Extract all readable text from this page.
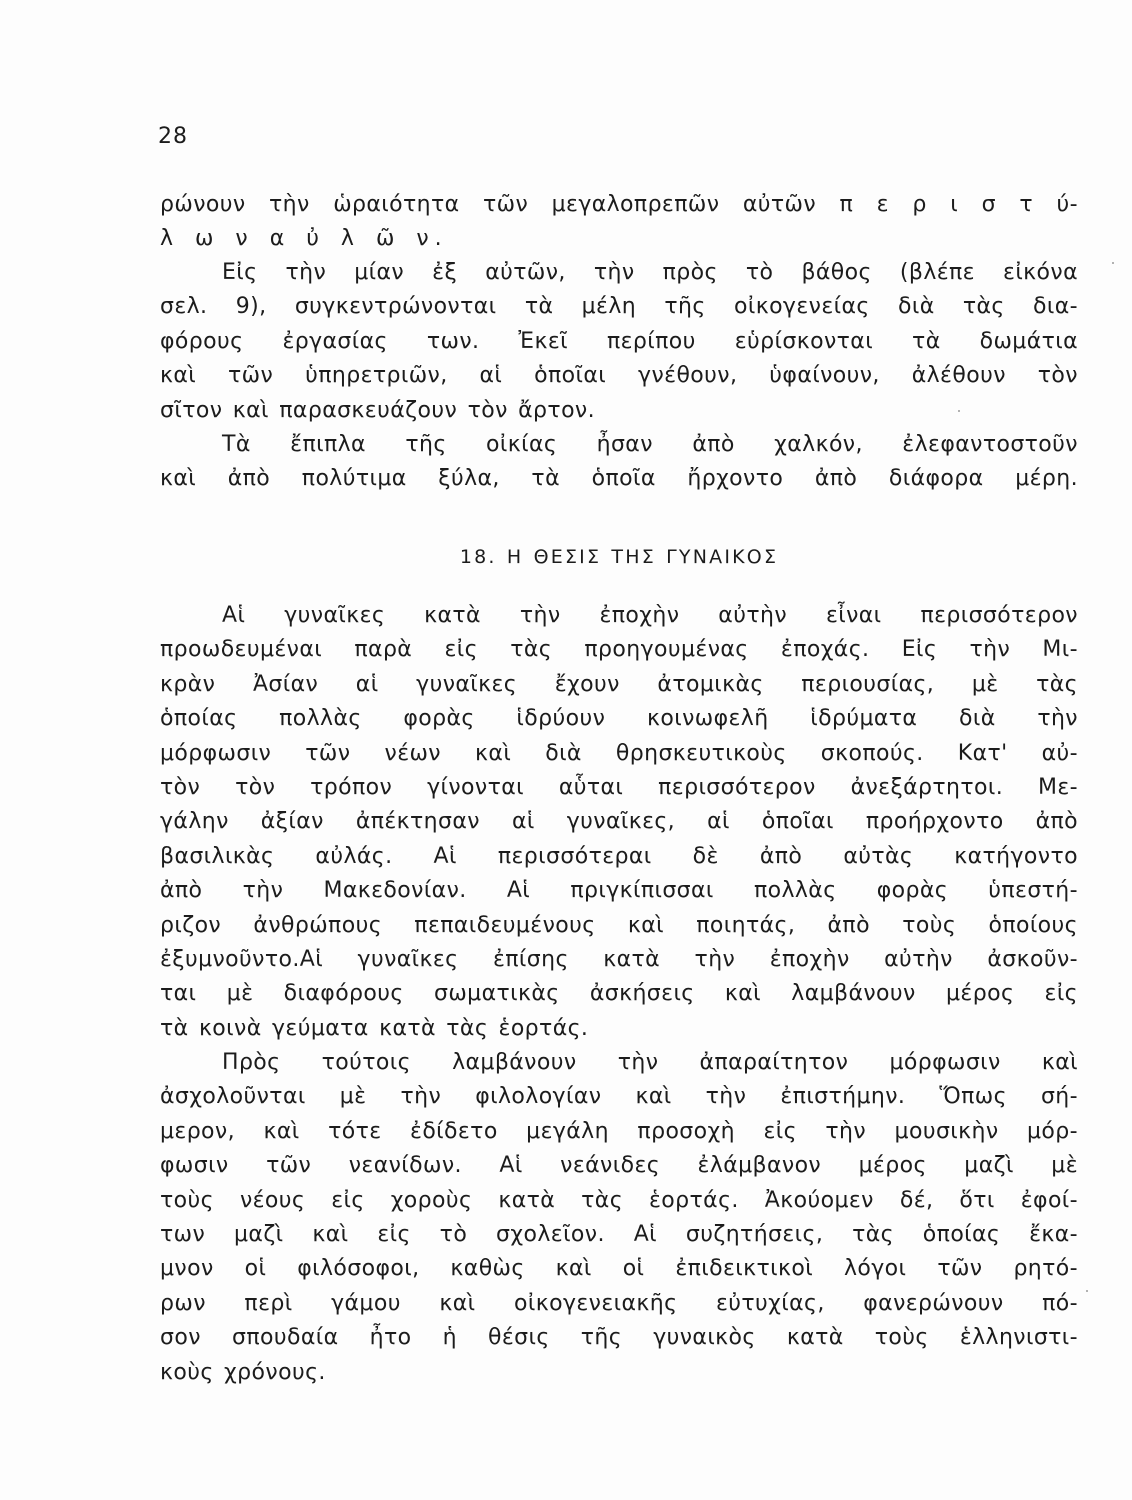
28
ρώνουν τὴν ὡραιότητα τῶν μεγαλοπρεπῶν αὐτῶν π ε ρ ι σ τ ύ-
λ ω ν α ὐ λ ῶ ν.
Εἰς τὴν μίαν ἐξ αὐτῶν, τὴν πρὸς τὸ βάθος (βλέπε εἰκόνα
σελ. 9), συγκεντρώνονται τὰ μέλη τῆς οἰκογενείας διὰ τὰς δια-
φόρους ἐργασίας των. Ἐκεῖ περίπου εὑρίσκονται τὰ δωμάτια
καὶ τῶν ὑπηρετριῶν, αἱ ὁποῖαι γνέθουν, ὑφαίνουν, ἀλέθουν τὸν
σῖτον καὶ παρασκευάζουν τὸν ἄρτον.
Τὰ ἔπιπλα τῆς οἰκίας ἦσαν ἀπὸ χαλκόν, ἐλεφαντοστοῦν
καὶ ἀπὸ πολύτιμα ξύλα, τὰ ὁποῖα ἤρχοντο ἀπὸ διάφορα μέρη.
18. Η ΘΕΣΙΣ ΤΗΣ ΓΥΝΑΙΚΟΣ
Αἱ γυναῖκες κατὰ τὴν ἐποχὴν αὐτὴν εἶναι περισσότερον
προωδευμέναι παρὰ εἰς τὰς προηγουμένας ἐποχάς. Εἰς τὴν Μι-
κρὰν Ἀσίαν αἱ γυναῖκες ἔχουν ἀτομικὰς περιουσίας, μὲ τὰς
ὁποίας πολλὰς φορὰς ἱδρύουν κοινωφελῆ ἱδρύματα διὰ τὴν
μόρφωσιν τῶν νέων καὶ διὰ θρησκευτικοὺς σκοπούς. Κατ' αὐ-
τὸν τὸν τρόπον γίνονται αὗται περισσότερον ἀνεξάρτητοι. Με-
γάλην ἀξίαν ἀπέκτησαν αἱ γυναῖκες, αἱ ὁποῖαι προήρχοντο ἀπὸ
βασιλικὰς αὐλάς. Αἱ περισσότεραι δὲ ἀπὸ αὐτὰς κατήγοντο
ἀπὸ τὴν Μακεδονίαν. Αἱ πριγκίπισσαι πολλὰς φορὰς ὑπεστή-
ριζον ἀνθρώπους πεπαιδευμένους καὶ ποιητάς, ἀπὸ τοὺς ὁποίους
ἐξυμνοῦντο.Αἱ γυναῖκες ἐπίσης κατὰ τὴν ἐποχὴν αὐτὴν ἀσκοῦν-
ται μὲ διαφόρους σωματικὰς ἀσκήσεις καὶ λαμβάνουν μέρος εἰς
τὰ κοινὰ γεύματα κατὰ τὰς ἑορτάς.
Πρὸς τούτοις λαμβάνουν τὴν ἀπαραίτητον μόρφωσιν καὶ
ἀσχολοῦνται μὲ τὴν φιλολογίαν καὶ τὴν ἐπιστήμην. Ὅπως σή-
μερον, καὶ τότε ἐδίδετο μεγάλη προσοχὴ εἰς τὴν μουσικὴν μόρ-
φωσιν τῶν νεανίδων. Αἱ νεάνιδες ἐλάμβανον μέρος μαζὶ μὲ
τοὺς νέους εἰς χοροὺς κατὰ τὰς ἑορτάς. Ἀκούομεν δέ, ὅτι ἐφοί-
των μαζὶ καὶ εἰς τὸ σχολεῖον. Αἱ συζητήσεις, τὰς ὁποίας ἔκα-
μνον οἱ φιλόσοφοι, καθὼς καὶ οἱ ἐπιδεικτικοὶ λόγοι τῶν ρητό-
ρων περὶ γάμου καὶ οἰκογενειακῆς εὐτυχίας, φανερώνουν πό-
σον σπουδαία ἦτο ἡ θέσις τῆς γυναικὸς κατὰ τοὺς ἑλληνιστι-
κοὺς χρόνους.
